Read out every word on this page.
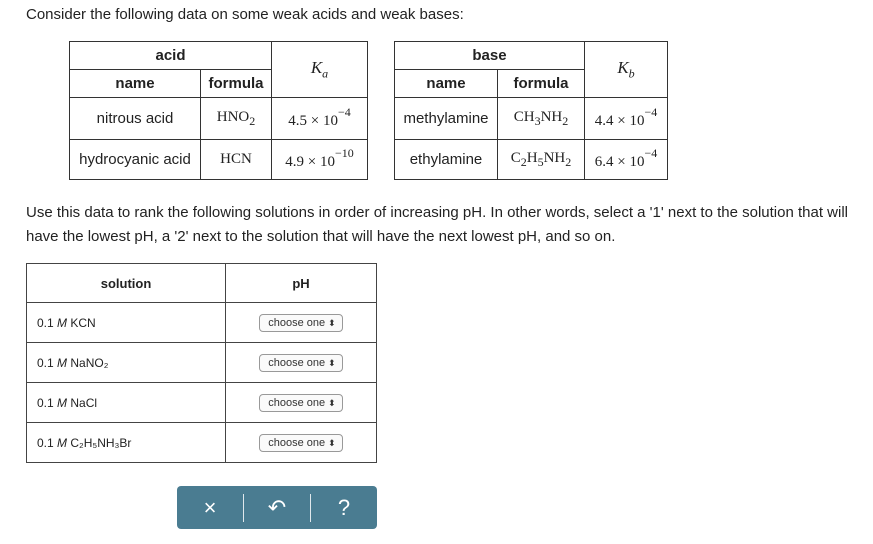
Consider the following data on some weak acids and weak bases:
acid		$K_a$
name	formula	
nitrous acid	$HNO_2$	$4.5 \times 10^{-4}$
hydrocyanic acid	HCN	$4.9 \times 10^{-10}$
base		$K_b$
name	formula	
methylamine	$CH_3NH_2$	$4.4 \times 10^{-4}$
ethylamine	$C_2H_5NH_2$	$6.4 \times 10^{-4}$
Use this data to rank the following solutions in order of increasing pH. In other words, select a '1' next to the solution that will have the lowest pH, a '2' next to the solution that will have the next lowest pH, and so on.
solution	pH
0.1 M KCN	choose one ⬍
0.1 M NaNO₂	choose one ⬍
0.1 M NaCl	choose one ⬍
0.1 M C₂H₅NH₃Br	choose one ⬍
× ↶ ?
